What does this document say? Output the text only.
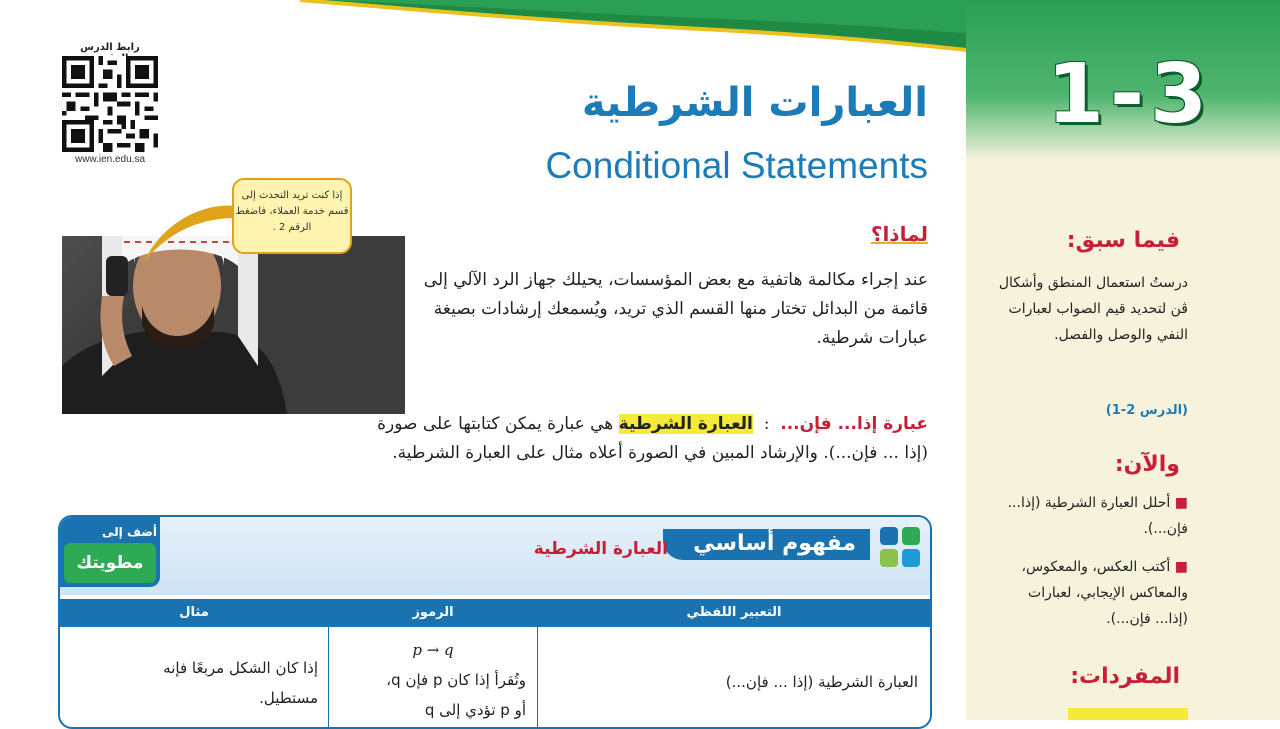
1-3
العبارات الشرطية
Conditional Statements
رابط الدرس
www.ien.edu.sa
إذا كنت تريد التحدث إلى قسم خدمة العملاء، فاضغط الرقم 2 .	لماذا؟
عند إجراء مكالمة هاتفية مع بعض المؤسسات، يحيلك جهاز الرد الآلي إلى قائمة من البدائل تختار منها القسم الذي تريد، ويُسمعك إرشادات بصيغة عبارات شرطية.
عبارة إذا... فإن...  :  العبارة الشرطية هي عبارة يمكن كتابتها على صورة (إذا ... فإن...). والإرشاد المبين في الصورة أعلاه مثال على العبارة الشرطية.
مفهوم أساسي
العبارة الشرطية
أضف إلى
مطويتك
التعبير اللفظي
الرموز
مثال
العبارة الشرطية (إذا ... فإن...)
p → q
وتُقرأ إذا كان p فإن q،
أو p تؤدي إلى q
إذا كان الشكل مربعًا فإنه
مستطيل.
فيما سبق:
درستُ استعمال المنطق وأشكال ڤن لتحديد قيم الصواب لعبارات النفي والوصل والفصل.
(الدرس 2-1)
والآن:
■ أحلل العبارة الشرطية (إذا... فإن...).
■ أكتب العكس، والمعكوس، والمعاكس الإيجابي، لعبارات (إذا... فإن...).
المفردات:
